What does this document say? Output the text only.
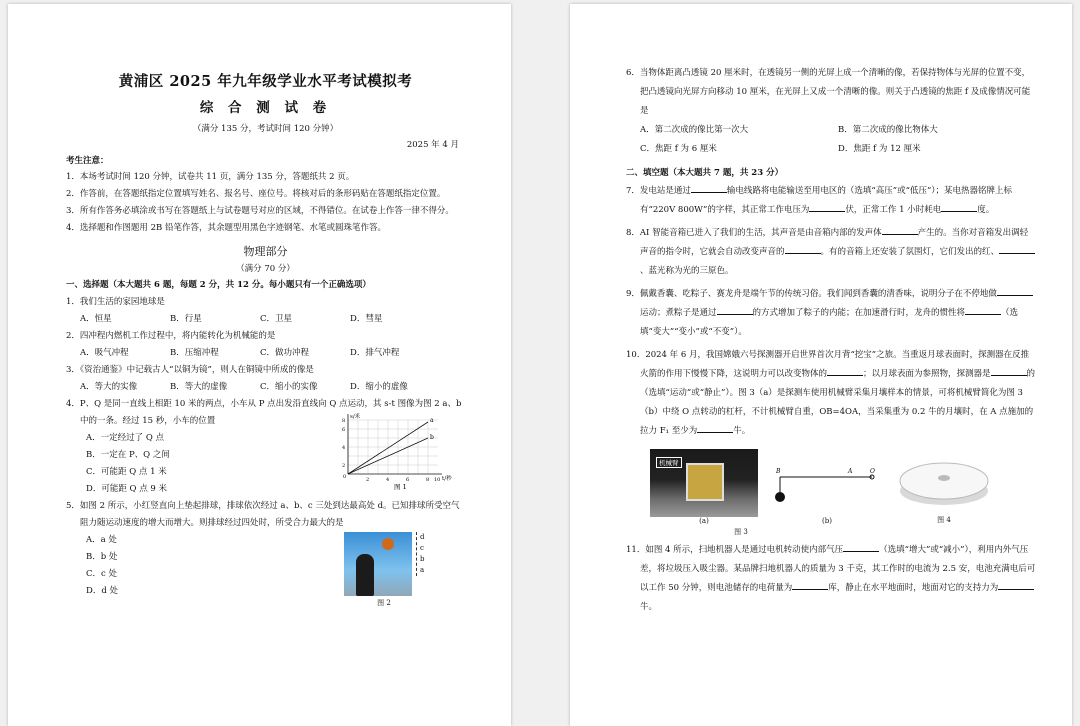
黄浦区 2025 年九年级学业水平考试模拟考

综 合 测 试 卷

（满分 135 分，考试时间 120 分钟）

2025 年 4 月

考生注意：

1．本场考试时间 120 分钟，试卷共 11 页，满分 135 分，答题纸共 2 页。

2．作答前，在答题纸指定位置填写姓名、报名号、座位号。将核对后的条形码贴在答题纸指定位置。

3．所有作答务必填涂或书写在答题纸上与试卷题号对应的区域，不得错位。在试卷上作答一律不得分。

4．选择题和作图题用 2B 铅笔作答，其余题型用黑色字迹钢笔、水笔或圆珠笔作答。

物理部分

（满分 70 分）

一、选择题（本大题共 6 题，每题 2 分，共 12 分。每小题只有一个正确选项）

1．我们生活的家园地球是

A．恒星	B．行星	C．卫星	D．彗星

2．四冲程内燃机工作过程中，将内能转化为机械能的是

A．吸气冲程	B．压缩冲程	C．做功冲程	D．排气冲程

3．《资治通鉴》中记载古人“以铜为镜”，则人在铜镜中所成的像是

A．等大的实像	B．等大的虚像	C．缩小的实像	D．缩小的虚像

4．P、Q 是同一直线上相距 10 米的两点，小车从 P 点出发沿直线向 Q 点运动，其 s-t 图像为图 2 a、b 中的一条。经过 15 秒，小车的位置

A．一定经过了 Q 点

B．一定在 P、Q 之间

C．可能距 Q 点 1 米

D．可能距 Q 点 9 米

a
b
s/米
t/秒
0
2
4
6
8
2	4	6	8 10
图 1

5．如图 2 所示，小红竖直向上垫起排球，排球依次经过 a、b、c 三处到达最高处 d。已知排球所受空气阻力随运动速度的增大而增大。则排球经过四处时，所受合力最大的是

A．a 处

B．b 处

C．c 处

D．d 处

d
c
b
a
图 2

6．当物体距离凸透镜 20 厘米时，在透镜另一侧的光屏上成一个清晰的像，若保持物体与光屏的位置不变，把凸透镜向光屏方向移动 10 厘米，在光屏上又成一个清晰的像。则关于凸透镜的焦距 f 及成像情况可能是

A．第二次成的像比第一次大	B．第二次成的像比物体大
C．焦距 f 为 6 厘米	D．焦距 f 为 12 厘米

二、填空题（本大题共 7 题，共 23 分）

7．发电站是通过	输电线路将电能输送至用电区的（选填“高压”或“低压”）；某电热器铭牌上标有“220V 800W”的字样，其正常工作电压为	伏，正常工作 1 小时耗电	度。

8．AI 智能音箱已进入了我们的生活，其声音是由音箱内部的发声体	产生的。当你对音箱发出调轻声音的指令时，它就会自动改变声音的	。有的音箱上还安装了氛围灯，它们发出的红、、蓝光称为光的三原色。

9．佩戴香囊、吃粽子、赛龙舟是端午节的传统习俗。我们闻到香囊的清香味，说明分子在不停地做运动；煮粽子是通过	的方式增加了粽子的内能；在加速滑行时，龙舟的惯性将	（选填“变大”“变小”或“不变”）。

10．2024 年 6 月，我国嫦娥六号探测器开启世界首次月背“挖宝”之旅。当重返月球表面时，探测器在反推火箭的作用下慢慢下降，这说明力可以改变物体的	；以月球表面为参照物，探测器是	的（选填“运动”或“静止”）。图 3（a）是探测车使用机械臂采集月壤样本的情景，可将机械臂简化为图 3（b）中绕 O 点转动的杠杆，不计机械臂自重，OB=4OA，当采集重为 0.2 牛的月壤时，在 A 点施加的拉力 F₁ 至少为	牛。

机械臂
(a)
B	A	O
(b)	图 4
图 3

11．如图 4 所示，扫地机器人是通过电机转动使内部气压	（选填“增大”或“减小”），利用内外气压差，将垃圾压入吸尘器。某品牌扫地机器人的质量为 3 千克，其工作时的电流为 2.5 安，电池充满电后可以工作 50 分钟，则电池储存的电荷量为	库，静止在水平地面时，地面对它的支持力为牛。
